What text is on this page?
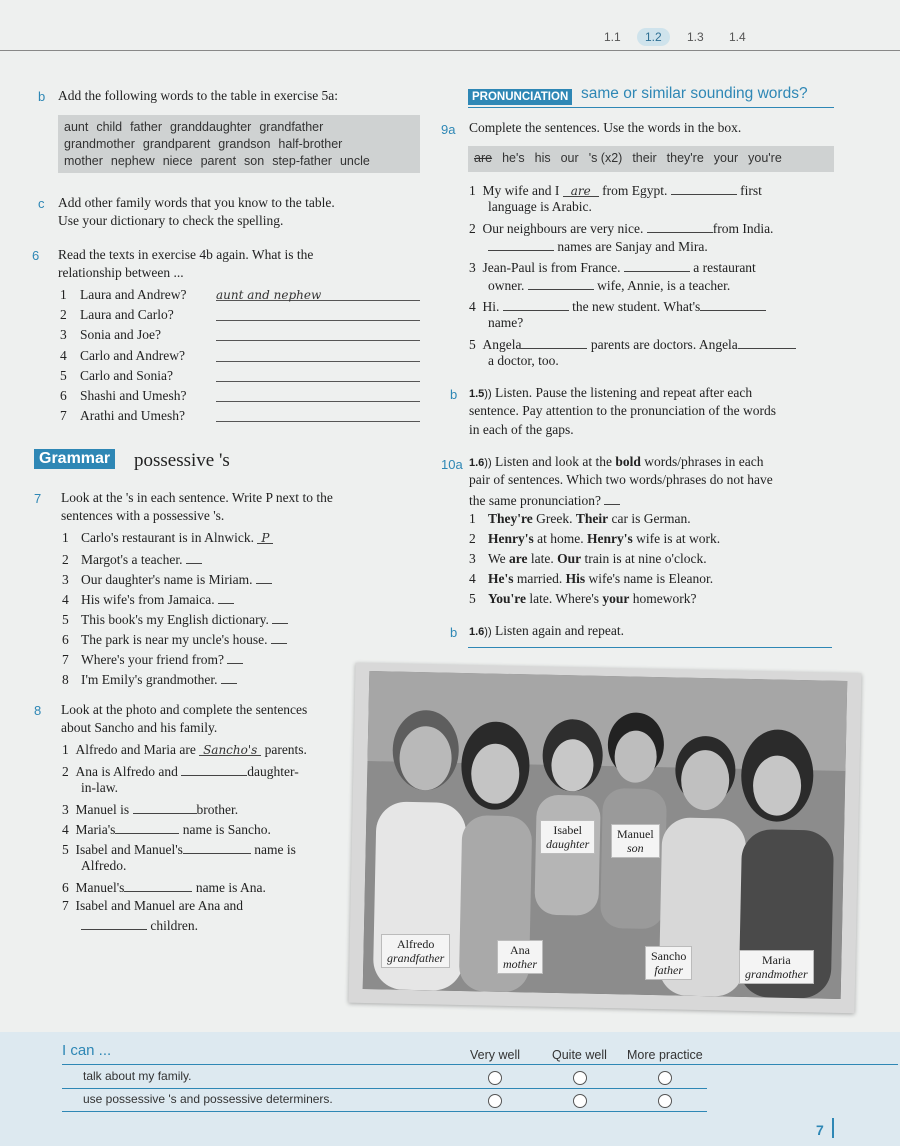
1.1	1.2	1.3 1.4
b Add the following words to the table in exercise 5a:
aunt child father granddaughter grandfather
grandmother grandparent grandson half-brother
mother nephew niece parent son step-father uncle
c Add other family words that you know to the table.
Use your dictionary to check the spelling.
6 Read the texts in exercise 4b again. What is the
relationship between ...
1 Laura and Andrew? aunt and nephew
2 Laura and Carlo?
3 Sonia and Joe?
4 Carlo and Andrew?
5 Carlo and Sonia?
6 Shashi and Umesh?
7 Arathi and Umesh?
Grammar possessive 's
7 Look at the 's in each sentence. Write P next to the
sentences with a possessive 's.
1 Carlo's restaurant is in Alnwick. P
2 Margot's a teacher.
3 Our daughter's name is Miriam.
4 His wife's from Jamaica.
5 This book's my English dictionary.
6 The park is near my uncle's house.
7 Where's your friend from?
8 I'm Emily's grandmother.
8 Look at the photo and complete the sentences
about Sancho and his family.
1 Alfredo and Maria are Sancho's parents.
2 Ana is Alfredo and	daughter-
in-law.
3 Manuel is	brother.
4 Maria's	name is Sancho.
5 Isabel and Manuel's	name is
Alfredo.
6 Manuel's	name is Ana.
7 Isabel and Manuel are Ana and
children.
PRONUNCIATION same or similar sounding words?
9a Complete the sentences. Use the words in the box.
are he's his our 's (x2) their they're your you're
1 My wife and I are from Egypt.	first
language is Arabic.
2 Our neighbours are very nice.	from India.
names are Sanjay and Mira.
3 Jean-Paul is from France.	a restaurant
owner.	wife, Annie, is a teacher.
4 Hi.	the new student. What's
name?
5 Angela	parents are doctors. Angela
a doctor, too.
b 1.5)) Listen. Pause the listening and repeat after each
sentence. Pay attention to the pronunciation of the words
in each of the gaps.
10a 1.6)) Listen and look at the bold words/phrases in each
pair of sentences. Which two words/phrases do not have
the same pronunciation?
1 They're Greek. Their car is German.
2 Henry's at home. Henry's wife is at work.
3 We are late. Our train is at nine o'clock.
4 He's married. His wife's name is Eleanor.
5 You're late. Where's your homework?
b 1.6)) Listen again and repeat.
Isabel
daughter
Manuel
son
Alfredo
grandfather
Ana
mother
Sancho
father
Maria
grandmother
I can ...	Very well	Quite well More practice
talk about my family.
use possessive 's and possessive determiners.
7
